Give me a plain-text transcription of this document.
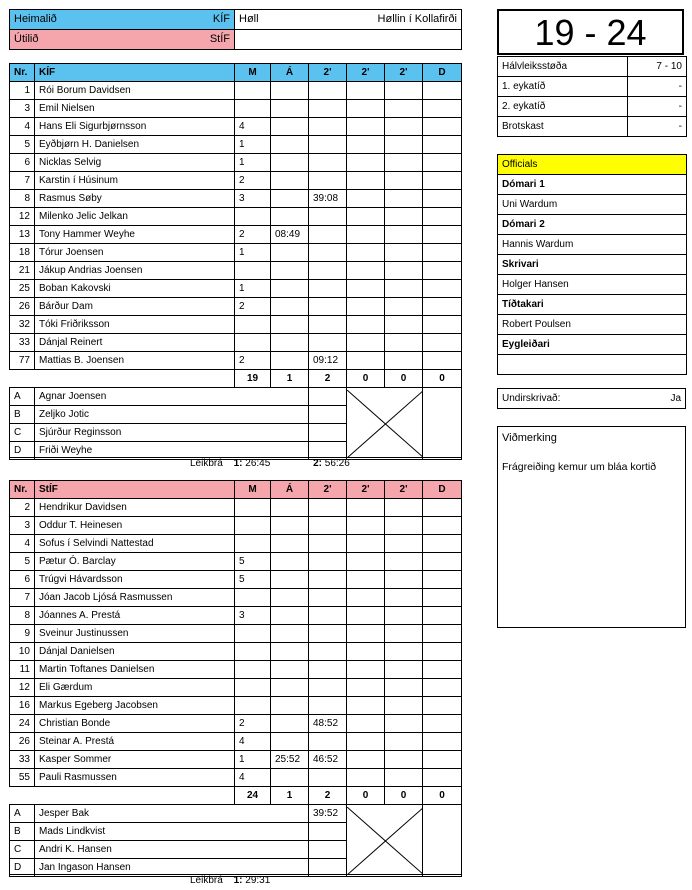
Heimalið KÍF	Høll Høllin í Kollafirði

Útilið StÍF	
		19 - 24
Hálvleiksstøða	7 - 10
1. eykatíð	-
2. eykatíð	-
Brotskast	-
Officials
Dómari 1
Uni Wardum
Dómari 2
Hannis Wardum
Skrivari
Holger Hansen
Tíðtakari
Robert Poulsen
Eygleiðari

Undirskrivað:	Ja
Viðmerking
Frágreiðing kemur um bláa kortið
Nr.	KÍF	M	Á	2'	2'	2'	D
1	Rói Borum Davidsen						
3	Emil Nielsen						
4	Hans Eli Sigurbjørnsson	4					
5	Eyðbjørn H. Danielsen	1					
6	Nicklas Selvig	1					
7	Karstin í Húsinum	2					
8	Rasmus Søby	3		39:08			
12	Milenko Jelic Jelkan						
13	Tony Hammer Weyhe	2	08:49				
18	Tórur Joensen	1					
21	Jákup Andrias Joensen						
25	Boban Kakovski	1					
26	Bárður Dam	2					
32	Tóki Friðriksson						
33	Dánjal Reinert						
77	Mattias B. Joensen	2		09:12			
		19	1	2	0	0	0
A	Agnar Joensen		

B	Zeljko Jotic						
C	Sjúrður Reginsson						
D	Friði Weyhe						
Leikbrá 1: 26:45	2: 56:26
Nr.	StÍF	M	Á	2'	2'	2'	D
2	Hendrikur Davidsen						
3	Oddur T. Heinesen						
4	Sofus í Selvindi Nattestad						
5	Pætur Ó. Barclay	5					
6	Trúgvi Hávardsson	5					
7	Jóan Jacob Ljósá Rasmussen						
8	Jóannes A. Prestá	3					
9	Sveinur Justinussen						
10	Dánjal Danielsen						
11	Martin Toftanes Danielsen						
12	Eli Gærdum						
16	Markus Egeberg Jacobsen						
24	Christian Bonde	2		48:52			
26	Steinar A. Prestá	4					
33	Kasper Sommer	1	25:52	46:52			
55	Pauli Rasmussen	4					
		24	1	2	0	0	0
A	Jesper Bak			39:52	

B	Mads Lindkvist						
C	Andri K. Hansen						
D	Jan Ingason Hansen						
Leikbrá 1: 29:31
